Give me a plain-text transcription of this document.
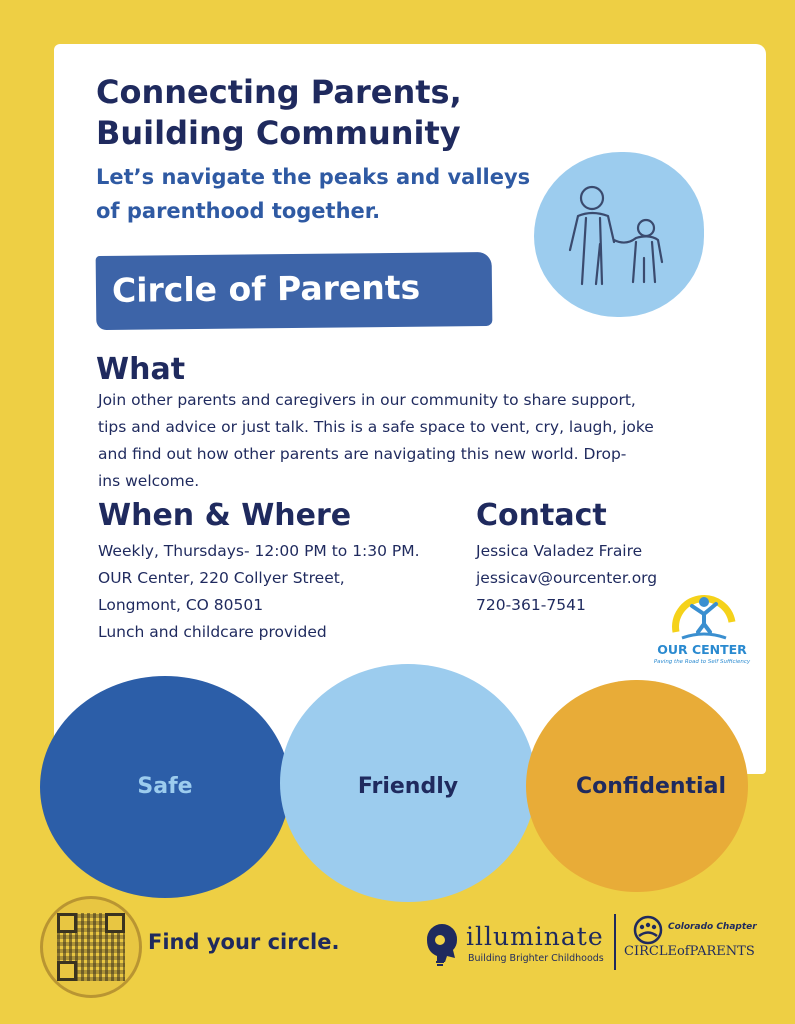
Connecting Parents,
Building Community
Let’s navigate the peaks and valleys
of parenthood together.
Circle of Parents
What
Join other parents and caregivers in our community to share support,
tips and advice or just talk. This is a safe space to vent, cry, laugh, joke
and find out how other parents are navigating this new world. Drop-
ins welcome.
When & Where
Weekly, Thursdays- 12:00 PM to 1:30 PM.
OUR Center, 220 Collyer Street,
Longmont, CO 80501
Lunch and childcare provided
Contact
Jessica Valadez Fraire
jessicav@ourcenter.org
720-361-7541
OUR CENTER
Paving the Road to Self Sufficiency
Safe	Friendly	Confidential
Find your circle.	illuminate
Building Brighter Childhoods
Colorado Chapter
CIRCLEofPARENTS
